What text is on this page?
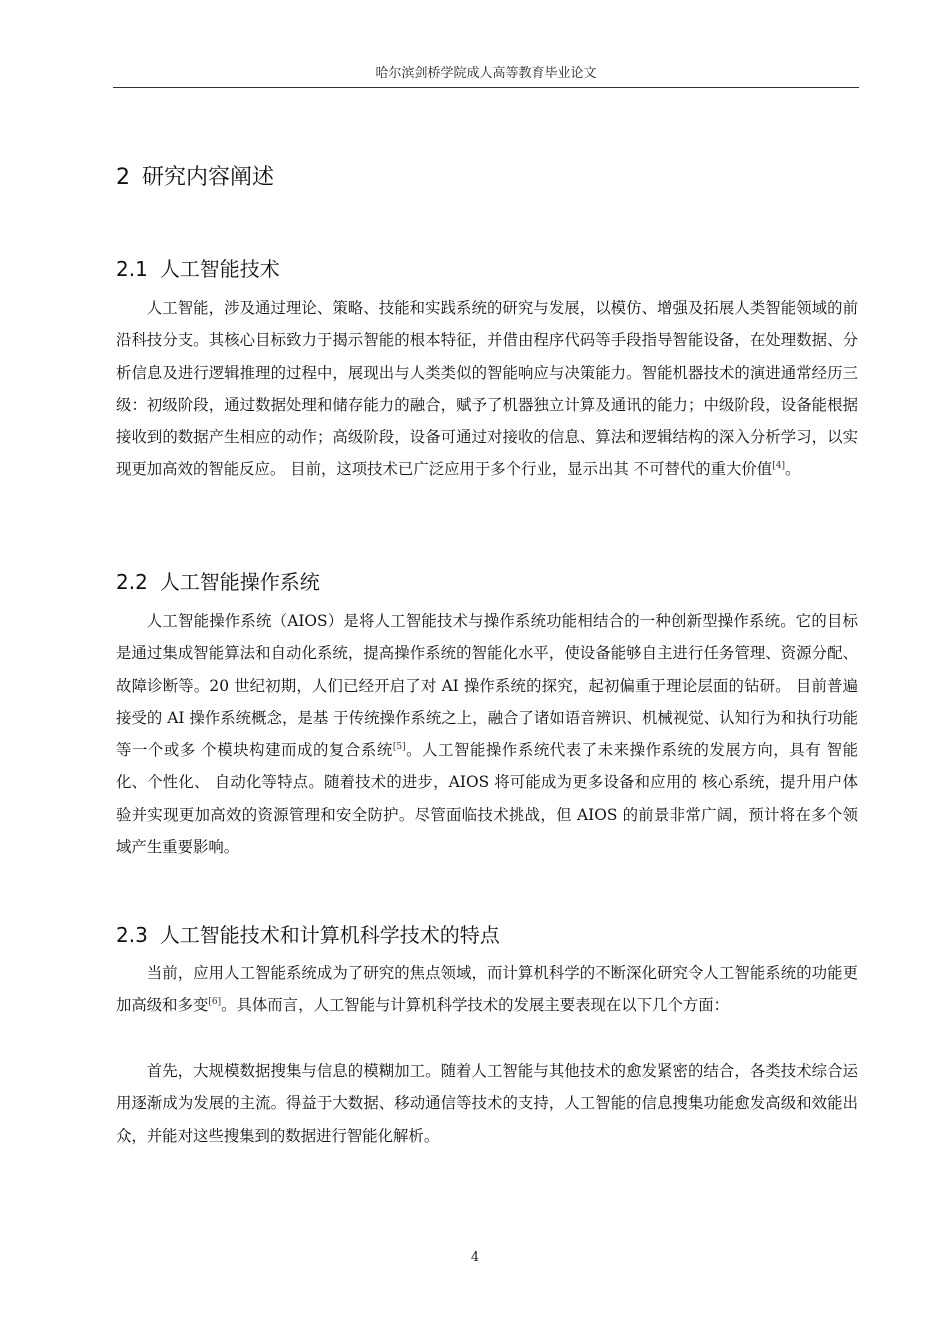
哈尔滨剑桥学院成人高等教育毕业论文
2 研究内容阐述
2.1 人工智能技术

人工智能，涉及通过理论、策略、技能和实践系统的研究与发展，以模仿、增强及拓展人类智能领域的前沿科技分支。其核心目标致力于揭示智能的根本特征，并借由程序代码等手段指导智能设备，在处理数据、分析信息及进行逻辑推理的过程中，展现出与人类类似的智能响应与决策能力。智能机器技术的演进通常经历三级：初级阶段，通过数据处理和储存能力的融合，赋予了机器独立计算及通讯的能力；中级阶段，设备能根据接收到的数据产生相应的动作；高级阶段，设备可通过对接收的信息、算法和逻辑结构的深入分析学习，以实现更加高效的智能反应。 目前，这项技术已广泛应用于多个行业，显示出其 不可替代的重大价值[4]。

2.2 人工智能操作系统

人工智能操作系统（AIOS）是将人工智能技术与操作系统功能相结合的一种创新型操作系统。它的目标是通过集成智能算法和自动化系统，提高操作系统的智能化水平，使设备能够自主进行任务管理、资源分配、故障诊断等。20 世纪初期，人们已经开启了对 AI 操作系统的探究，起初偏重于理论层面的钻研。 目前普遍接受的 AI 操作系统概念，是基 于传统操作系统之上，融合了诸如语音辨识、机械视觉、认知行为和执行功能等一个或多 个模块构建而成的复合系统[5]。人工智能操作系统代表了未来操作系统的发展方向，具有 智能化、个性化、 自动化等特点。随着技术的进步，AIOS 将可能成为更多设备和应用的 核心系统，提升用户体验并实现更加高效的资源管理和安全防护。尽管面临技术挑战，但 AIOS 的前景非常广阔，预计将在多个领域产生重要影响。

2.3 人工智能技术和计算机科学技术的特点

当前，应用人工智能系统成为了研究的焦点领域，而计算机科学的不断深化研究令人工智能系统的功能更加高级和多变[6]。具体而言，人工智能与计算机科学技术的发展主要表现在以下几个方面：

首先，大规模数据搜集与信息的模糊加工。随着人工智能与其他技术的愈发紧密的结合，各类技术综合运用逐渐成为发展的主流。得益于大数据、移动通信等技术的支持，人工智能的信息搜集功能愈发高级和效能出众，并能对这些搜集到的数据进行智能化解析。

4
